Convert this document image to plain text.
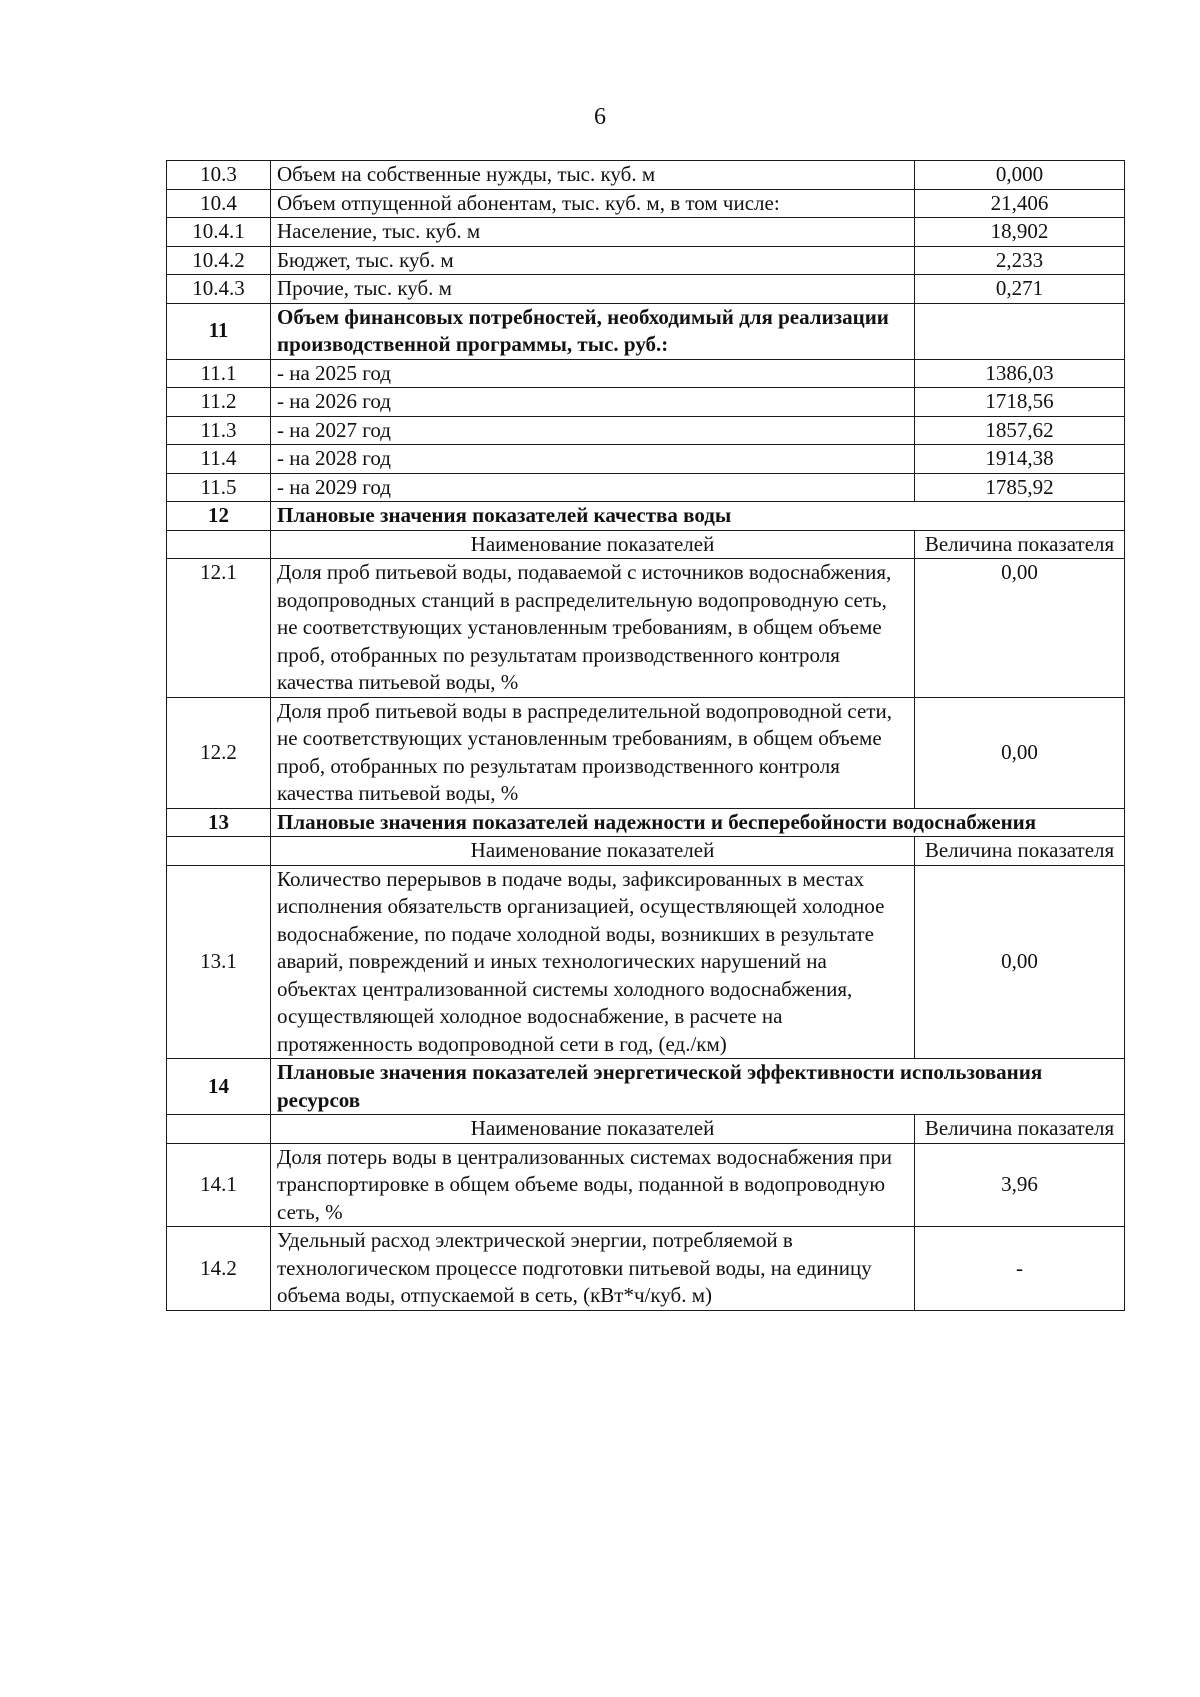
6
10.3	Объем на собственные нужды, тыс. куб. м	0,000
10.4	Объем отпущенной абонентам, тыс. куб. м, в том числе:	21,406
10.4.1	Население, тыс. куб. м	18,902
10.4.2	Бюджет, тыс. куб. м	2,233
10.4.3	Прочие, тыс. куб. м	0,271
11	Объем финансовых потребностей, необходимый для реализации производственной программы, тыс. руб.:	
11.1	- на 2025 год	1386,03
11.2	- на 2026 год	1718,56
11.3	- на 2027 год	1857,62
11.4	- на 2028 год	1914,38
11.5	- на 2029 год	1785,92
12	Плановые значения показателей качества воды	
	Наименование показателей	Величина показателя
12.1	Доля проб питьевой воды, подаваемой с источников водоснабжения, водопроводных станций в распределительную водопроводную сеть, не соответствующих установленным требованиям, в общем объеме проб, отобранных по результатам производственного контроля качества питьевой воды, %	0,00
12.2	Доля проб питьевой воды в распределительной водопроводной сети, не соответствующих установленным требованиям, в общем объеме проб, отобранных по результатам производственного контроля качества питьевой воды, %	0,00
13	Плановые значения показателей надежности и бесперебойности водоснабжения	
	Наименование показателей	Величина показателя
13.1	Количество перерывов в подаче воды, зафиксированных в местах исполнения обязательств организацией, осуществляющей холодное водоснабжение, по подаче холодной воды, возникших в результате аварий, повреждений и иных технологических нарушений на объектах централизованной системы холодного водоснабжения, осуществляющей холодное водоснабжение, в расчете на протяженность водопроводной сети в год, (ед./км)	0,00
14	Плановые значения показателей энергетической эффективности использования ресурсов	
	Наименование показателей	Величина показателя
14.1	Доля потерь воды в централизованных системах водоснабжения при транспортировке в общем объеме воды, поданной в водопроводную сеть, %	3,96
14.2	Удельный расход электрической энергии, потребляемой в технологическом процессе подготовки питьевой воды, на единицу объема воды, отпускаемой в сеть, (кВт*ч/куб. м)	-
